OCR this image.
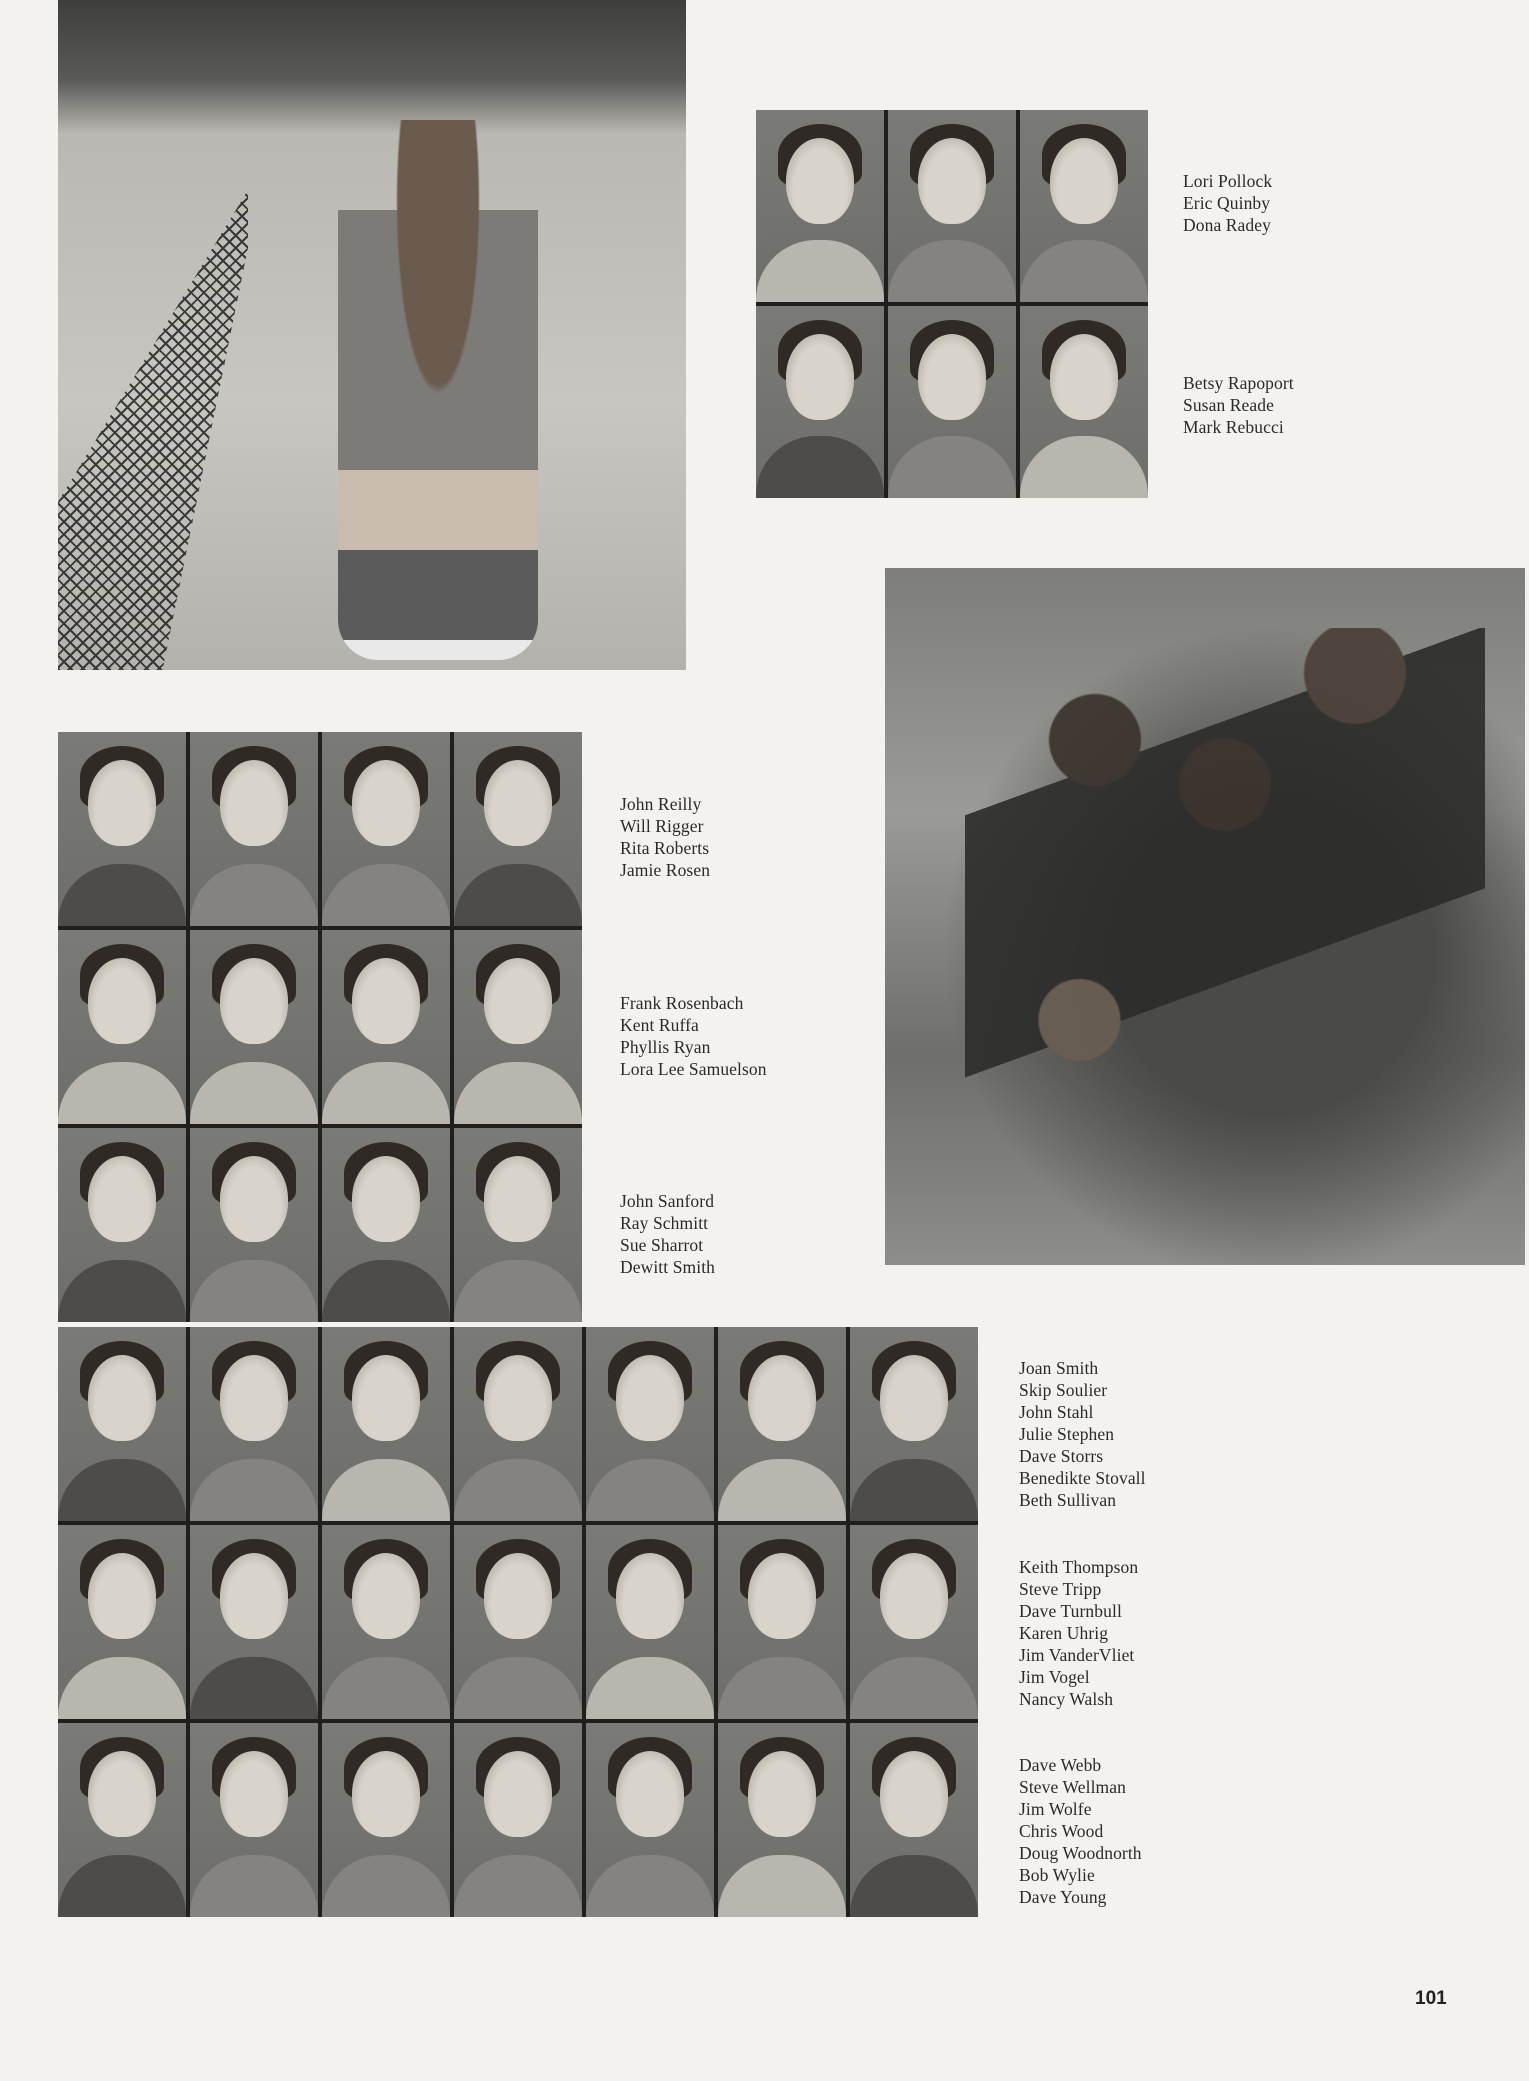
Lori Pollock
Eric Quinby
Dona Radey
Betsy Rapoport
Susan Reade
Mark Rebucci
John Reilly
Will Rigger
Rita Roberts
Jamie Rosen
Frank Rosenbach
Kent Ruffa
Phyllis Ryan
Lora Lee Samuelson
John Sanford
Ray Schmitt
Sue Sharrot
Dewitt Smith
Joan Smith
Skip Soulier
John Stahl
Julie Stephen
Dave Storrs
Benedikte Stovall
Beth Sullivan
Keith Thompson
Steve Tripp
Dave Turnbull
Karen Uhrig
Jim VanderVliet
Jim Vogel
Nancy Walsh
Dave Webb
Steve Wellman
Jim Wolfe
Chris Wood
Doug Woodnorth
Bob Wylie
Dave Young
101
